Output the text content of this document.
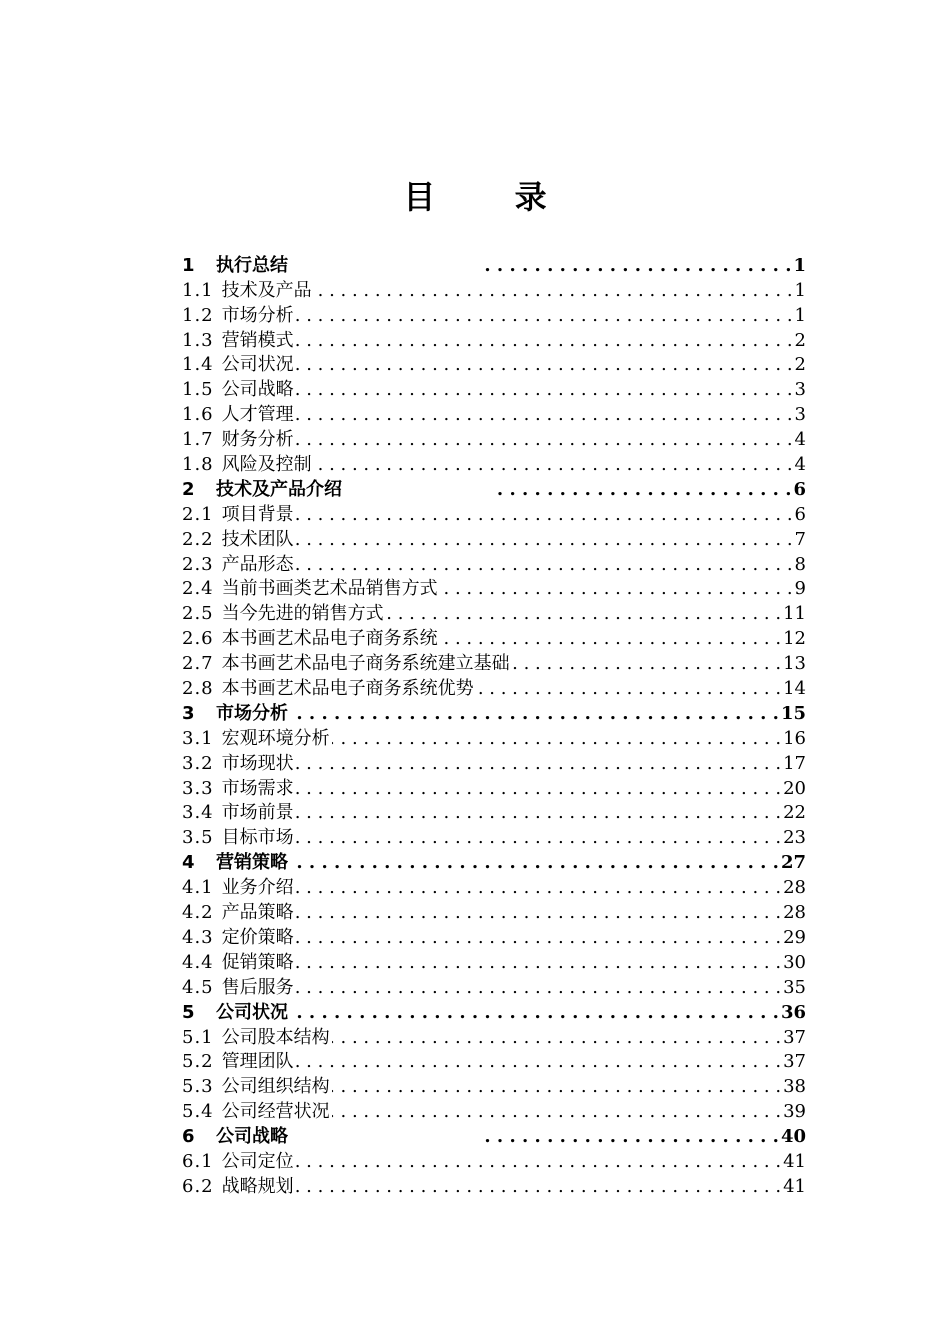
目 录
1	执行总结 . . .	1
1.1 技术及产品 . . .	1
1.2 市场分析 . . .	1
1.3 营销模式 . . .	2
1.4 公司状况 . . .	2
1.5 公司战略 . . .	3
1.6 人才管理 . . .	3
1.7 财务分析 . . .	4
1.8 风险及控制 . . .	4
2	技术及产品介绍 . . .	6
2.1 项目背景 . . .	6
2.2 技术团队 . . .	7
2.3 产品形态 . . .	8
2.4 当前书画类艺术品销售方式 . . .	9
2.5 当今先进的销售方式 . . .	11
2.6 本书画艺术品电子商务系统 . . .	12
2.7 本书画艺术品电子商务系统建立基础 . . .	13
2.8 本书画艺术品电子商务系统优势 . . .	14
3	市场分析 . . .	15
3.1 宏观环境分析 . . .	16
3.2 市场现状 . . .	17
3.3 市场需求 . . .	20
3.4 市场前景 . . .	22
3.5 目标市场 . . .	23
4	营销策略 . . .	27
4.1 业务介绍 . . .	28
4.2 产品策略 . . .	28
4.3 定价策略 . . .	29
4.4 促销策略 . . .	30
4.5 售后服务 . . .	35
5	公司状况 . . .	36
5.1 公司股本结构 . . .	37
5.2 管理团队 . . .	37
5.3 公司组织结构 . . .	38
5.4 公司经营状况 . . .	39
6	公司战略 . . .	40
6.1 公司定位 . . .	41
6.2 战略规划 . . .	41
